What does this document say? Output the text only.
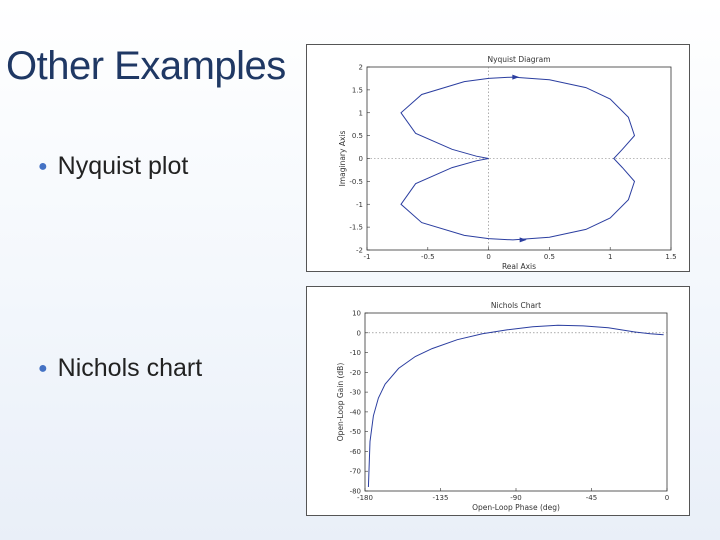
Other Examples
● Nyquist plot
● Nichols chart
-1	-0.5	0	0.5	1	1.5
2
1.5
1
0.5
0
-0.5
-1
-1.5
-2
Nyquist Diagram
Real Axis
Imaginary Axis
-180	-135	-90	-45	0
10
0
-10
-20
-30
-40
-50
-60
-70
-80
Nichols Chart
Open-Loop Phase (deg)
Open-Loop Gain (dB)
